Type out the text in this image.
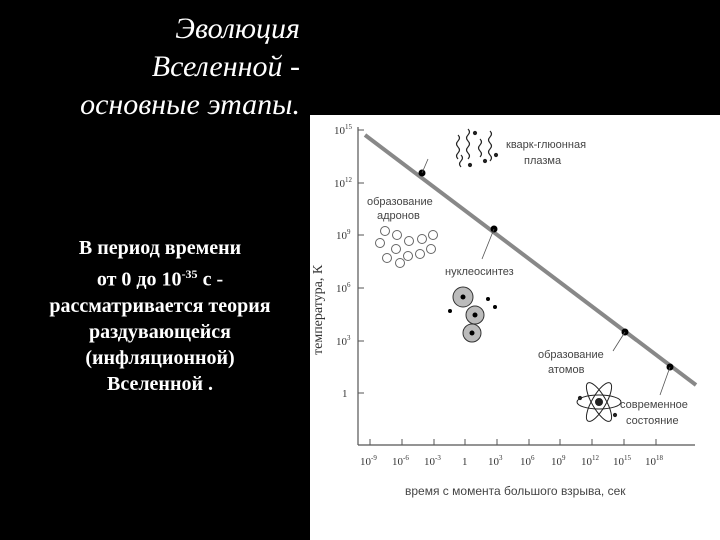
Эволюция
Вселенной -
основные этапы.
В период времени
от 0 до $10^{-35}$ с -
рассматривается теория
раздувающейся
(инфляционной)
Вселенной .
$10^{15}$
$10^{12}$
$10^9$
$10^6$
$10^3$
1
$10^{-9}$ $10^{-6}$ $10^{-3}$ 1 $10^3$ $10^6$ $10^9$ $10^{12}$ $10^{15}$ $10^{18}$
температура, К
время с момента большого взрыва, сек
кварк-глюонная
плазма
образование
адронов
нуклеосинтез
образование
атомов
современное
состояние
